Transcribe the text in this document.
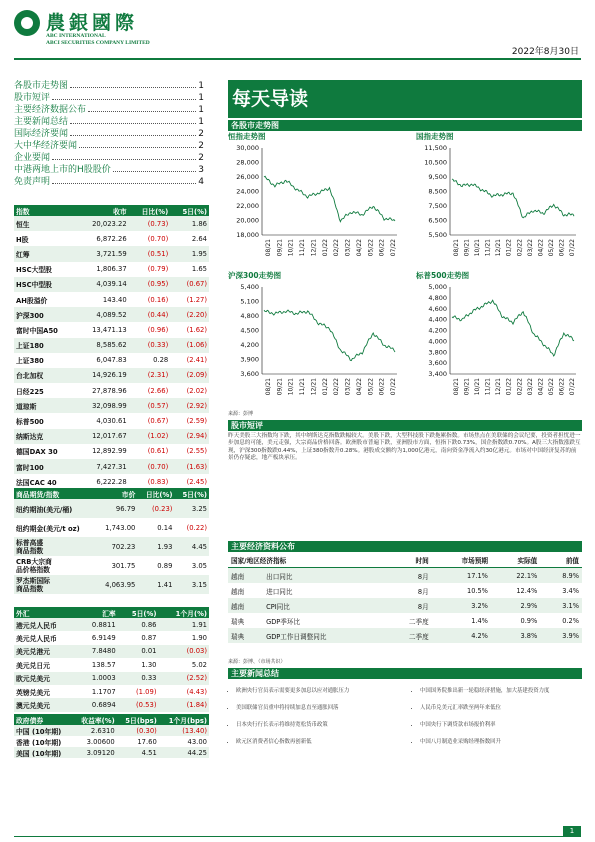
農銀國際
ABC INTERNATIONAL
ABCI SECURITIES COMPANY LIMITED
2022年8月30日
各股市走势图	1
股市短评	1
主要经济数据公布	1
主要新闻总结	1
国际经济要闻	2
大中华经济要闻	2
企业要闻	2
中港两地上市的H股股价	3
免责声明	4
每天导读
各股市走势图
恒指走势图
30,000
28,000
26,000
24,000
22,000
20,000
18,000
08/21 09/21 10/21 11/21 12/21 01/22 02/22 03/22 04/22 05/22 06/22 07/22
国指走势图
11,500
10,500
9,500
8,500
7,500
6,500
5,500
08/21 09/21 10/21 11/21 12/21 01/22 02/22 03/22 04/22 05/22 06/22 07/22
沪深300走势图
5,400
5,100
4,800
4,500
4,200
3,900
3,600
08/21 09/21 10/21 11/21 12/21 01/22 02/22 03/22 04/22 05/22 06/22 07/22
标普500走势图
5,000
4,800
4,600
4,400
4,200
4,000
3,800
3,600
3,400
08/21 09/21 10/21 11/21 12/21 01/22 02/22 03/22 04/22 05/22 06/22 07/22
来源：彭博
股市短评
昨天美股三大指数均下跌，其中纳斯达克指数跌幅较大。美股下跌，大型科技股下跌拖累指数。市场焦点在美联储的会议纪要，投资者担忧进一步加息的可能，美元走强，大宗商品价格回落。欧洲股市普遍下跌，亚洲股市方面，恒指下跌0.73%，国企指数跌0.70%。A股三大指数涨跌互现，沪深300指数跌0.44%，上证380指数升0.28%。港股成交额约为1,000亿港元，南向资金净流入约30亿港元。市场对中国经济复苏的前景仍存疑虑，地产板块承压。
指数	收市	日比(%)	5日(%)
恒生	20,023.22	(0.73)	1.86
H股	6,872.26	(0.70)	2.64
红筹	3,721.59	(0.51)	1.95
HSC大型股	1,806.37	(0.79)	1.65
HSC中型股	4,039.14	(0.95)	(0.67)
AH股溢价	143.40	(0.16)	(1.27)
沪深300	4,089.52	(0.44)	(2.20)
富时中国A50	13,471.13	(0.96)	(1.62)
上证180	8,585.62	(0.33)	(1.06)
上证380	6,047.83	0.28	(2.41)
台北加权	14,926.19	(2.31)	(2.09)
日经225	27,878.96	(2.66)	(2.02)
道琼斯	32,098.99	(0.57)	(2.92)
标普500	4,030.61	(0.67)	(2.59)
纳斯达克	12,017.67	(1.02)	(2.94)
德国DAX 30	12,892.99	(0.61)	(2.55)
富时100	7,427.31	(0.70)	(1.63)
法国CAC 40	6,222.28	(0.83)	(2.45)
商品期货/指数	市价	日比(%)	5日(%)
纽约期油(美元/桶)	96.79	(0.23)	3.25
纽约期金(美元/t oz)	1,743.00	0.14	(0.22)
标普高盛
商品指数	702.23	1.93	4.45
CRB大宗商
品价格指数	301.75	0.89	3.05
罗杰斯国际
商品指数	4,063.95	1.41	3.15
外汇	汇率	5日(%)	1个月(%)
港元兑人民币	0.8811	0.86	1.91
美元兑人民币	6.9149	0.87	1.90
美元兑港元	7.8480	0.01	(0.03)
美元兑日元	138.57	1.30	5.02
欧元兑美元	1.0003	0.33	(2.52)
英镑兑美元	1.1707	(1.09)	(4.43)
澳元兑美元	0.6894	(0.53)	(1.84)
政府债券	收益率(%)	5日(bps)	1个月(bps)
中国 (10年期)	2.6310	(0.30)	(13.40)
香港 (10年期)	3.00600	17.60	43.00
美国 (10年期)	3.09120	4.51	44.25
主要经济资料公布
国家/地区经济指标		时间	市场预期	实际值	前值
越南	出口同比	8月	17.1%	22.1%	8.9%
越南	进口同比	8月	10.5%	12.4%	3.4%
越南	CPI同比	8月	3.2%	2.9%	3.1%
瑞典	GDP季环比	二季度	1.4%	0.9%	0.2%
瑞典	GDP工作日调整同比	二季度	4.2%	3.8%	3.9%
来源：彭博、（市场共识）
主要新闻总结
• 欧洲央行官员表示需要更多加息以应对通胀压力
• 美国联储官员重申将持续加息直至通胀回落
• 日本央行行长表示将维持宽松货币政策
• 欧元区消费者信心指数再创新低
• 中国国务院推出新一轮稳经济措施，加大基建投资力度
• 人民币兑美元汇率跌至两年来低位
• 中国央行下调贷款市场报价利率
• 中国八月制造业采购经理指数回升
1
